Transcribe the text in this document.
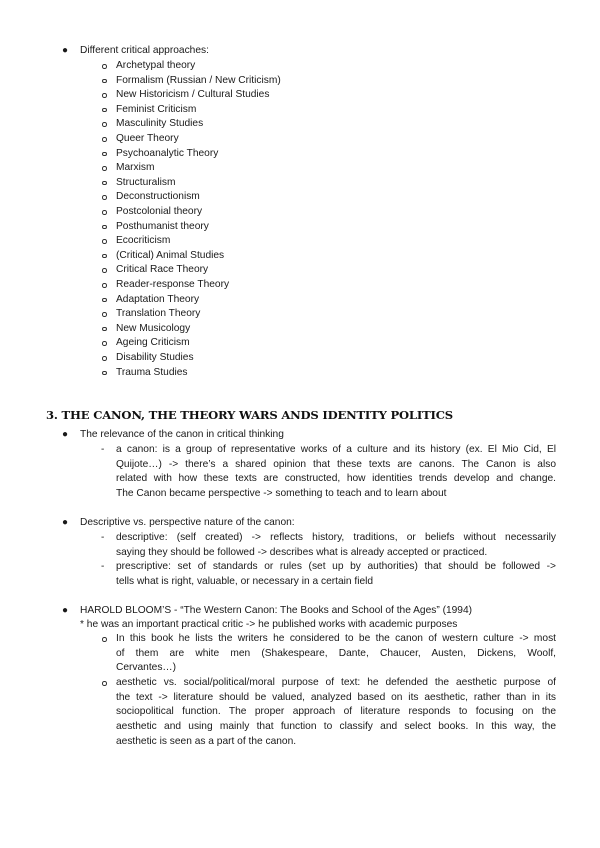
● Different critical approaches:
Archetypal theory
Formalism (Russian / New Criticism)
New Historicism / Cultural Studies
Feminist Criticism
Masculinity Studies
Queer Theory
Psychoanalytic Theory
Marxism
Structuralism
Deconstructionism
Postcolonial theory
Posthumanist theory
Ecocriticism
(Critical) Animal Studies
Critical Race Theory
Reader-response Theory
Adaptation Theory
Translation Theory
New Musicology
Ageing Criticism
Disability Studies
Trauma Studies
3. THE CANON, THE THEORY WARS ANDS IDENTITY POLITICS
● The relevance of the canon in critical thinking
- a canon: is a group of representative works of a culture and its history (ex. El Mio Cid, El
Quijote…) -> there’s a shared opinion that these texts are canons. The Canon is also
related with how these texts are constructed, how identities trends develop and change.
The Canon became perspective -> something to teach and to learn about
● Descriptive vs. perspective nature of the canon:
- descriptive: (self created) -> reflects history, traditions, or beliefs without necessarily
saying they should be followed -> describes what is already accepted or practiced.
- prescriptive: set of standards or rules (set up by authorities) that should be followed ->
tells what is right, valuable, or necessary in a certain field
● HAROLD BLOOM’S - “The Western Canon: The Books and School of the Ages” (1994)
* he was an important practical critic -> he published works with academic purposes
In this book he lists the writers he considered to be the canon of western culture -> most
of them are white men (Shakespeare, Dante, Chaucer, Austen, Dickens, Woolf,
Cervantes…)
aesthetic vs. social/political/moral purpose of text: he defended the aesthetic purpose of
the text -> literature should be valued, analyzed based on its aesthetic, rather than in its
sociopolitical function. The proper approach of literature responds to focusing on the
aesthetic and using mainly that function to classify and select books. In this way, the
aesthetic is seen as a part of the canon.
